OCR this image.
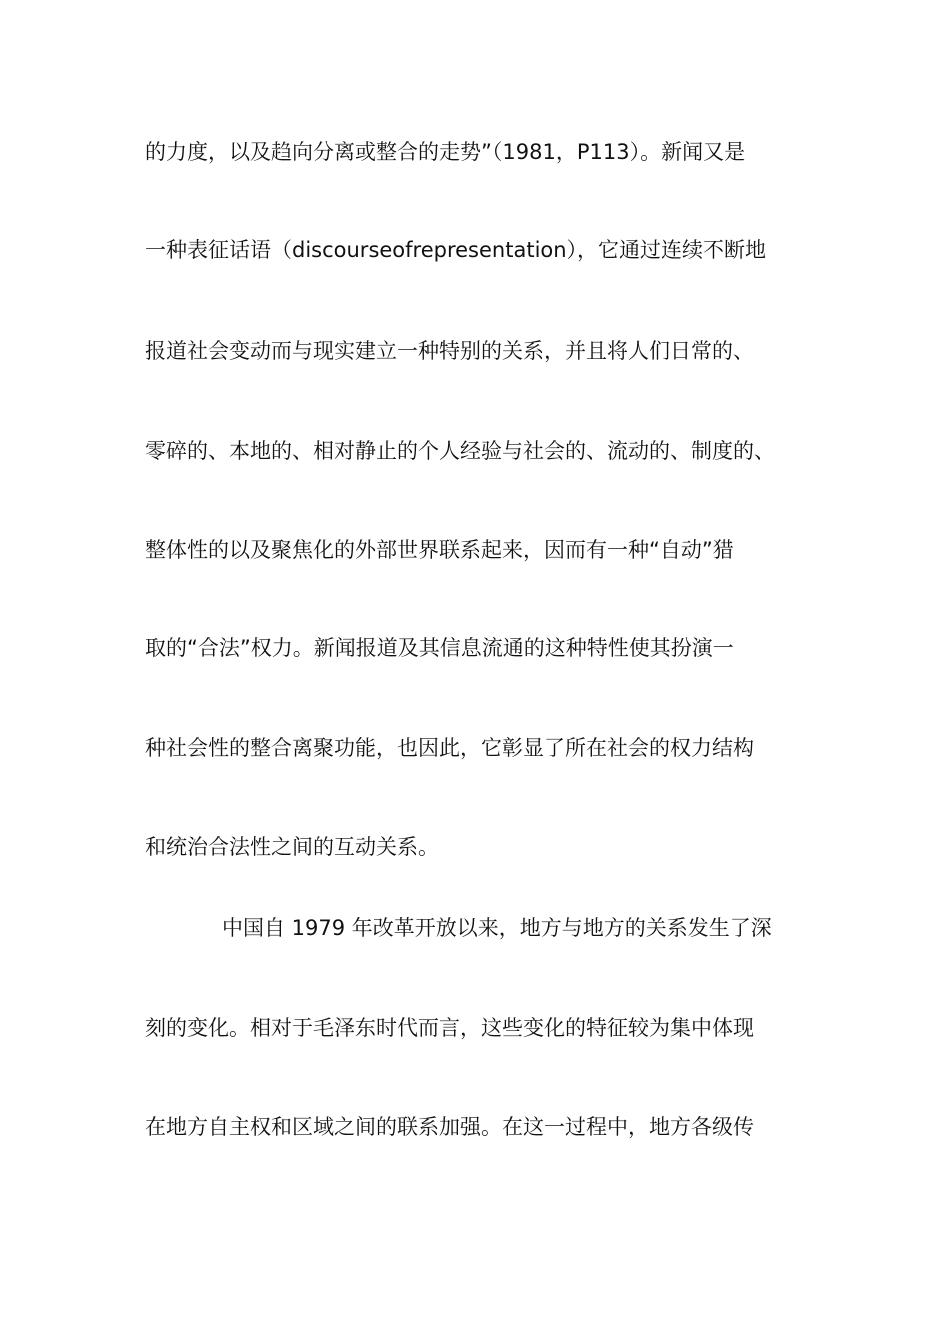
的力度，以及趋向分离或整合的走势”（1981，P113）。新闻又是
一种表征话语（discourseofrepresentation），它通过连续不断地
报道社会变动而与现实建立一种特别的关系，并且将人们日常的、
零碎的、本地的、相对静止的个人经验与社会的、流动的、制度的、
整体性的以及聚焦化的外部世界联系起来，因而有一种“自动”猎
取的“合法”权力。新闻报道及其信息流通的这种特性使其扮演一
种社会性的整合离聚功能，也因此，它彰显了所在社会的权力结构
和统治合法性之间的互动关系。
中国自 1979 年改革开放以来，地方与地方的关系发生了深
刻的变化。相对于毛泽东时代而言，这些变化的特征较为集中体现
在地方自主权和区域之间的联系加强。在这一过程中，地方各级传
